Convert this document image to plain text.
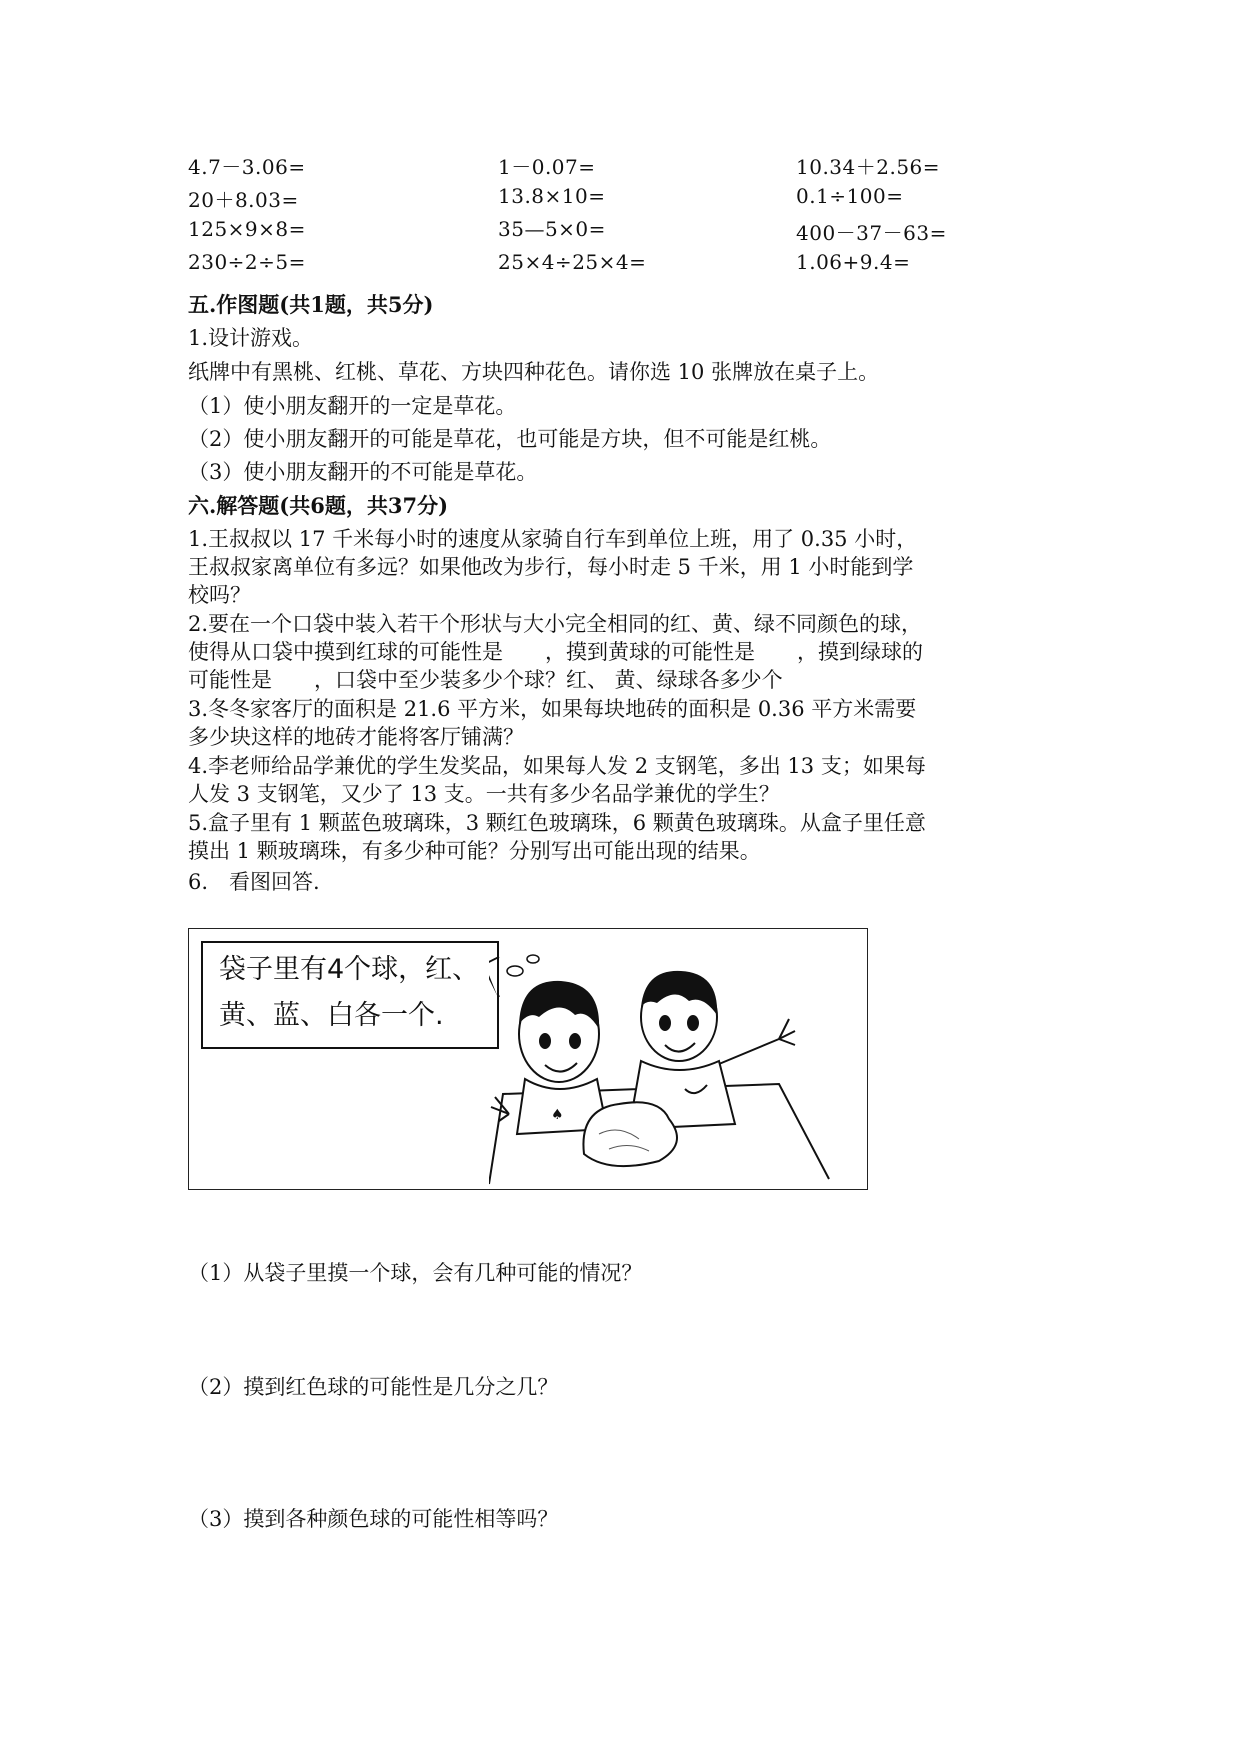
4.7－3.06=	1－0.07=	10.34＋2.56=
20＋8.03=	13.8×10=	0.1÷100=
125×9×8=	35—5×0=	400－37－63=
230÷2÷5=	25×4÷25×4=	1.06+9.4=
五.作图题(共1题，共5分)
1.设计游戏。
纸牌中有黑桃、红桃、草花、方块四种花色。请你选 10 张牌放在桌子上。
（1）使小朋友翻开的一定是草花。
（2）使小朋友翻开的可能是草花，也可能是方块，但不可能是红桃。
（3）使小朋友翻开的不可能是草花。
六.解答题(共6题，共37分)
1.王叔叔以 17 千米每小时的速度从家骑自行车到单位上班，用了 0.35 小时，
王叔叔家离单位有多远？如果他改为步行，每小时走 5 千米，用 1 小时能到学
校吗？
2.要在一个口袋中装入若干个形状与大小完全相同的红、黄、绿不同颜色的球，
使得从口袋中摸到红球的可能性是　　，摸到黄球的可能性是　　，摸到绿球的
可能性是　　，口袋中至少装多少个球？红、 黄、绿球各多少个
3.冬冬家客厅的面积是 21.6 平方米，如果每块地砖的面积是 0.36 平方米需要
多少块这样的地砖才能将客厅铺满？
4.李老师给品学兼优的学生发奖品，如果每人发 2 支钢笔，多出 13 支；如果每
人发 3 支钢笔，又少了 13 支。一共有多少名品学兼优的学生？
5.盒子里有 1 颗蓝色玻璃珠，3 颗红色玻璃珠，6 颗黄色玻璃珠。从盒子里任意
摸出 1 颗玻璃珠，有多少种可能？分别写出可能出现的结果。
6.　看图回答.
袋子里有4个球，红、
黄、蓝、白各一个.
♠
（1）从袋子里摸一个球，会有几种可能的情况？
（2）摸到红色球的可能性是几分之几？
（3）摸到各种颜色球的可能性相等吗？
